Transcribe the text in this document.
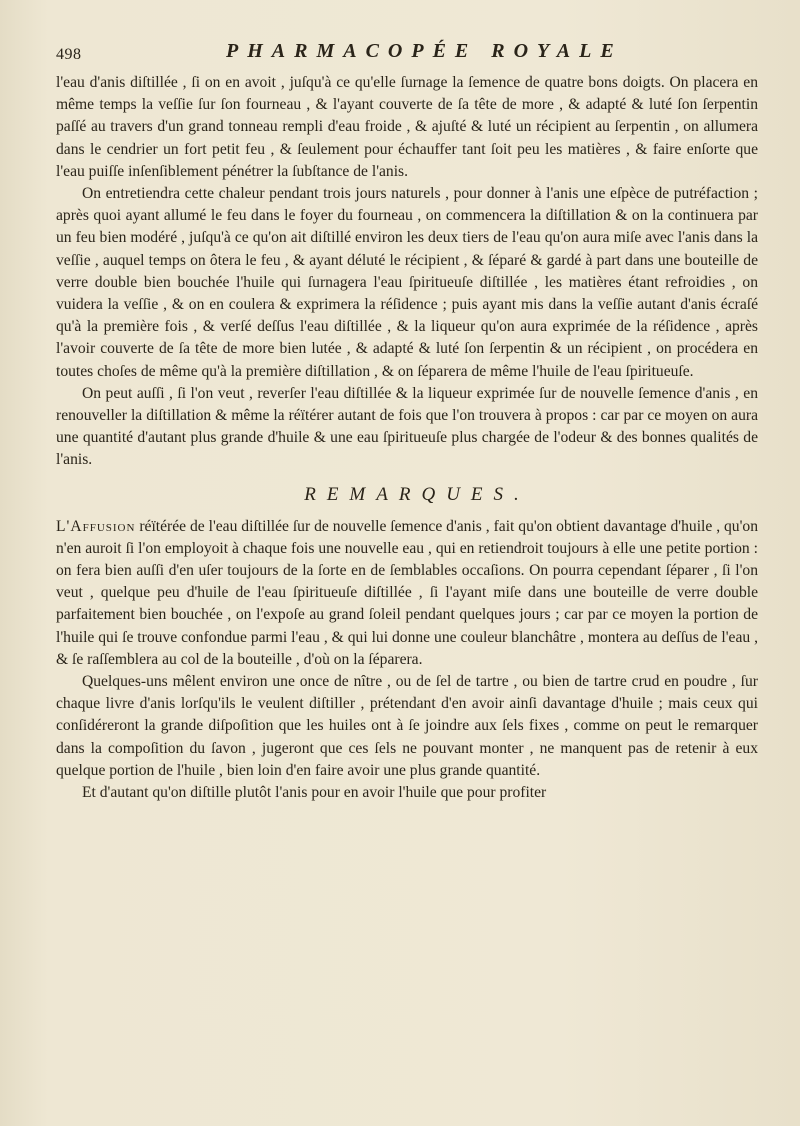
498	PHARMACOPÉE ROYALE

l'eau d'anis diſtillée , ſi on en avoit , juſqu'à ce qu'elle ſurnage la ſemence de quatre bons doigts. On placera en même temps la veſſie ſur ſon fourneau , & l'ayant couverte de ſa tête de more , & adapté & luté ſon ſerpentin paſſé au travers d'un grand tonneau rempli d'eau froide , & ajuſté & luté un récipient au ſerpentin , on allumera dans le cendrier un fort petit feu , & ſeulement pour échauffer tant ſoit peu les matières , & faire enſorte que l'eau puiſſe inſenſiblement pénétrer la ſubſtance de l'anis.

On entretiendra cette chaleur pendant trois jours naturels , pour donner à l'anis une eſpèce de putréfaction ; après quoi ayant allumé le feu dans le foyer du fourneau , on commencera la diſtillation & on la continuera par un feu bien modéré , juſqu'à ce qu'on ait diſtillé environ les deux tiers de l'eau qu'on aura miſe avec l'anis dans la veſſie , auquel temps on ôtera le feu , & ayant déluté le récipient , & ſéparé & gardé à part dans une bouteille de verre double bien bouchée l'huile qui ſurnagera l'eau ſpiritueuſe diſtillée , les matières étant refroidies , on vuidera la veſſie , & on en coulera & exprimera la réſidence ; puis ayant mis dans la veſſie autant d'anis écraſé qu'à la première fois , & verſé deſſus l'eau diſtillée , & la liqueur qu'on aura exprimée de la réſidence , après l'avoir couverte de ſa tête de more bien lutée , & adapté & luté ſon ſerpentin & un récipient , on procédera en toutes choſes de même qu'à la première diſtillation , & on ſéparera de même l'huile de l'eau ſpiritueuſe.

On peut auſſi , ſi l'on veut , reverſer l'eau diſtillée & la liqueur exprimée ſur de nouvelle ſemence d'anis , en renouveller la diſtillation & même la réïtérer autant de fois que l'on trouvera à propos : car par ce moyen on aura une quantité d'autant plus grande d'huile & une eau ſpiritueuſe plus chargée de l'odeur & des bonnes qualités de l'anis.

REMARQUES.

L'Affusion réïtérée de l'eau diſtillée ſur de nouvelle ſemence d'anis , fait qu'on obtient davantage d'huile , qu'on n'en auroit ſi l'on employoit à chaque fois une nouvelle eau , qui en retiendroit toujours à elle une petite portion : on fera bien auſſi d'en uſer toujours de la ſorte en de ſemblables occaſions. On pourra cependant ſéparer , ſi l'on veut , quelque peu d'huile de l'eau ſpiritueuſe diſtillée , ſi l'ayant miſe dans une bouteille de verre double parfaitement bien bouchée , on l'expoſe au grand ſoleil pendant quelques jours ; car par ce moyen la portion de l'huile qui ſe trouve confondue parmi l'eau , & qui lui donne une couleur blanchâtre , montera au deſſus de l'eau , & ſe raſſemblera au col de la bouteille , d'où on la ſéparera.

Quelques-uns mêlent environ une once de nître , ou de ſel de tartre , ou bien de tartre crud en poudre , ſur chaque livre d'anis lorſqu'ils le veulent diſtiller , prétendant d'en avoir ainſi davantage d'huile ; mais ceux qui conſidéreront la grande diſpoſition que les huiles ont à ſe joindre aux ſels fixes , comme on peut le remarquer dans la compoſition du ſavon , jugeront que ces ſels ne pouvant monter , ne manquent pas de retenir à eux quelque portion de l'huile , bien loin d'en faire avoir une plus grande quantité.

Et d'autant qu'on diſtille plutôt l'anis pour en avoir l'huile que pour profiter
